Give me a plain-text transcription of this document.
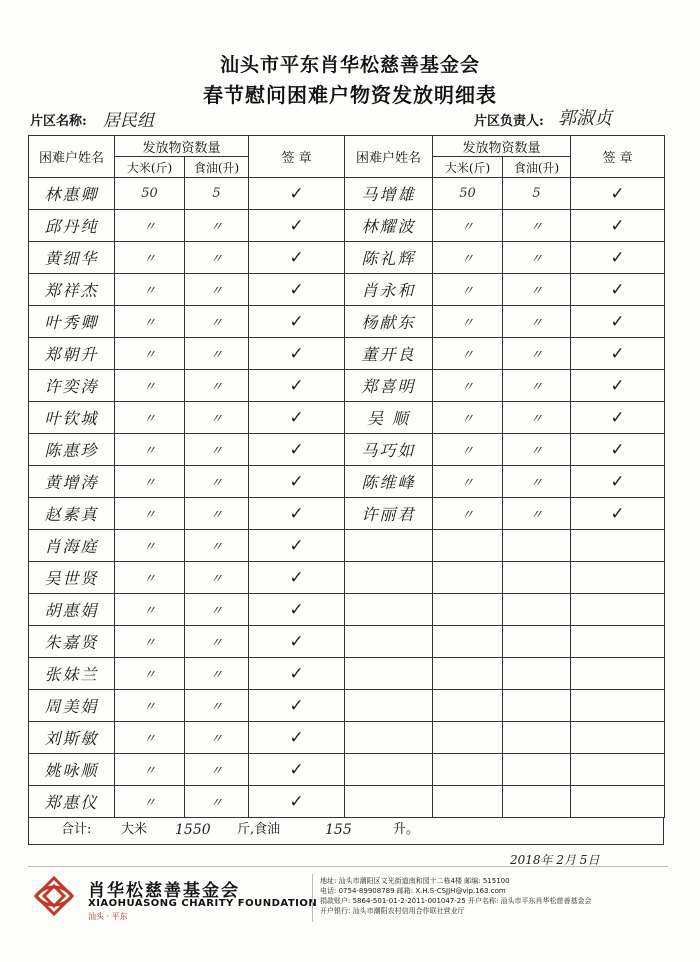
汕头市平东肖华松慈善基金会
春节慰问困难户物资发放明细表
片区名称: 居民组	片区负责人: 郭淑贞
困难户姓名	发放物资数量		签 章
	大米(斤)	食油(升)	
林惠卿	50	5	✓
邱丹纯	〃	〃	✓
黄细华	〃	〃	✓
郑祥杰	〃	〃	✓
叶秀卿	〃	〃	✓
郑朝升	〃	〃	✓
许奕涛	〃	〃	✓
叶钦城	〃	〃	✓
陈惠珍	〃	〃	✓
黄增涛	〃	〃	✓
赵素真	〃	〃	✓
肖海庭	〃	〃	✓
吴世贤	〃	〃	✓
胡惠娟	〃	〃	✓
朱嘉贤	〃	〃	✓
张妹兰	〃	〃	✓
周美娟	〃	〃	✓
刘斯敏	〃	〃	✓
姚咏顺	〃	〃	✓
郑惠仪	〃	〃	✓
困难户姓名	发放物资数量		签 章
	大米(斤)	食油(升)	
马增雄	50	5	✓
林耀波	〃	〃	✓
陈礼辉	〃	〃	✓
肖永和	〃	〃	✓
杨献东	〃	〃	✓
董开良	〃	〃	✓
郑喜明	〃	〃	✓
吴 顺	〃	〃	✓
马巧如	〃	〃	✓
陈维峰	〃	〃	✓
许丽君	〃	〃	✓

合计: 大米 1550 斤,食油	155	升。
2018年 2月 5日
肖华松慈善基金会
XIAOHUASONG CHARITY FOUNDATION
汕头 · 平东
地址: 汕头市潮阳区文光街道南和园十二栋4楼 邮编: 515100
电话: 0754-89908789 邮箱: X.H.S-CSJJH@vip.163.com
捐款账户: 5864-501-01-2-2011-001047-25 开户名称: 汕头市平东肖华松慈善基金会
开户银行: 汕头市潮阳农村信用合作联社营业厅
